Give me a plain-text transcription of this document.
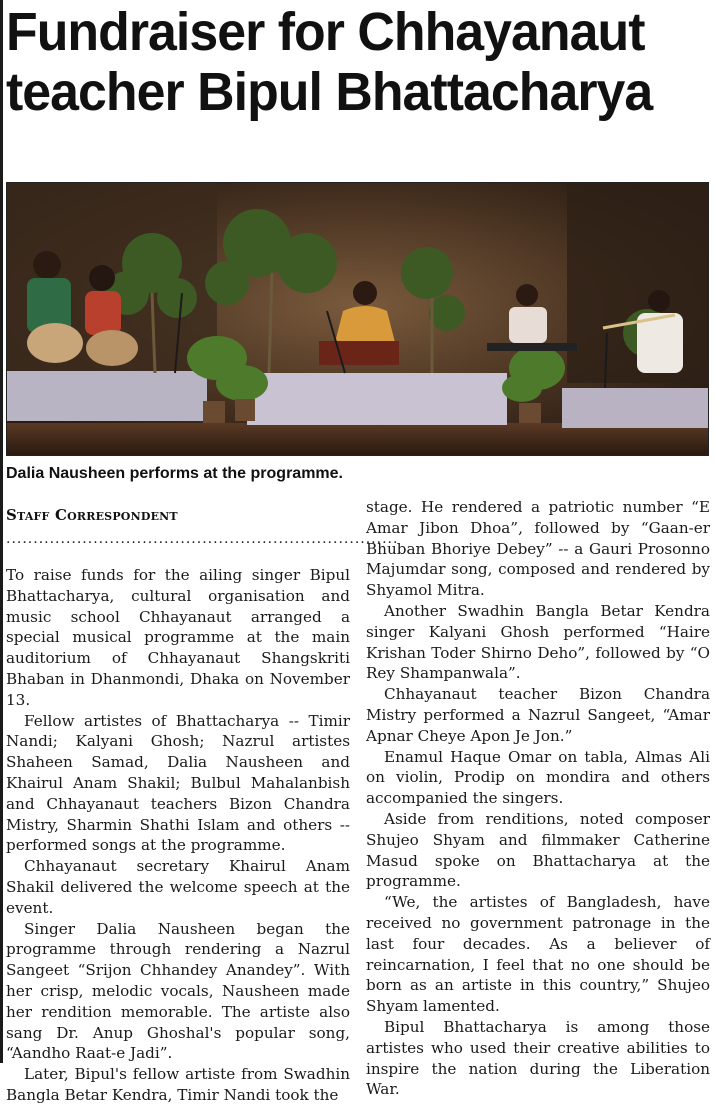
Fundraiser for Chhayanaut
teacher Bipul Bhattacharya
Dalia Nausheen performs at the programme.
Staff Correspondent
........................................................................

To raise funds for the ailing singer Bipul Bhattacharya, cultural organisation and music school Chhayanaut arranged a special musical programme at the main auditorium of Chhayanaut Shangskriti Bhaban in Dhanmondi, Dhaka on November 13.

Fellow artistes of Bhattacharya -- Timir Nandi; Kalyani Ghosh; Nazrul artistes Shaheen Samad, Dalia Nausheen and Khairul Anam Shakil; Bulbul Mahalanbish and Chhayanaut teachers Bizon Chandra Mistry, Sharmin Shathi Islam and others -- performed songs at the programme.

Chhayanaut secretary Khairul Anam Shakil delivered the welcome speech at the event.

Singer Dalia Nausheen began the programme through rendering a Nazrul Sangeet “Srijon Chhandey Anandey”. With her crisp, melodic vocals, Nausheen made her rendition memorable. The artiste also sang Dr. Anup Ghoshal's popular song, “Aandho Raat-e Jadi”.

Later, Bipul's fellow artiste from Swadhin Bangla Betar Kendra, Timir Nandi took the

stage. He rendered a patriotic number “E Amar Jibon Dhoa”, followed by “Gaan-er Bhuban Bhoriye Debey” -- a Gauri Prosonno Majumdar song, composed and rendered by Shyamol Mitra.

Another Swadhin Bangla Betar Kendra singer Kalyani Ghosh performed “Haire Krishan Toder Shirno Deho”, followed by “O Rey Shampanwala”.

Chhayanaut teacher Bizon Chandra Mistry performed a Nazrul Sangeet, “Amar Apnar Cheye Apon Je Jon.”

Enamul Haque Omar on tabla, Almas Ali on violin, Prodip on mondira and others accompanied the singers.

Aside from renditions, noted composer Shujeo Shyam and filmmaker Catherine Masud spoke on Bhattacharya at the programme.

“We, the artistes of Bangladesh, have received no government patronage in the last four decades. As a believer of reincarnation, I feel that no one should be born as an artiste in this country,” Shujeo Shyam lamented.

Bipul Bhattacharya is among those artistes who used their creative abilities to inspire the nation during the Liberation War.
